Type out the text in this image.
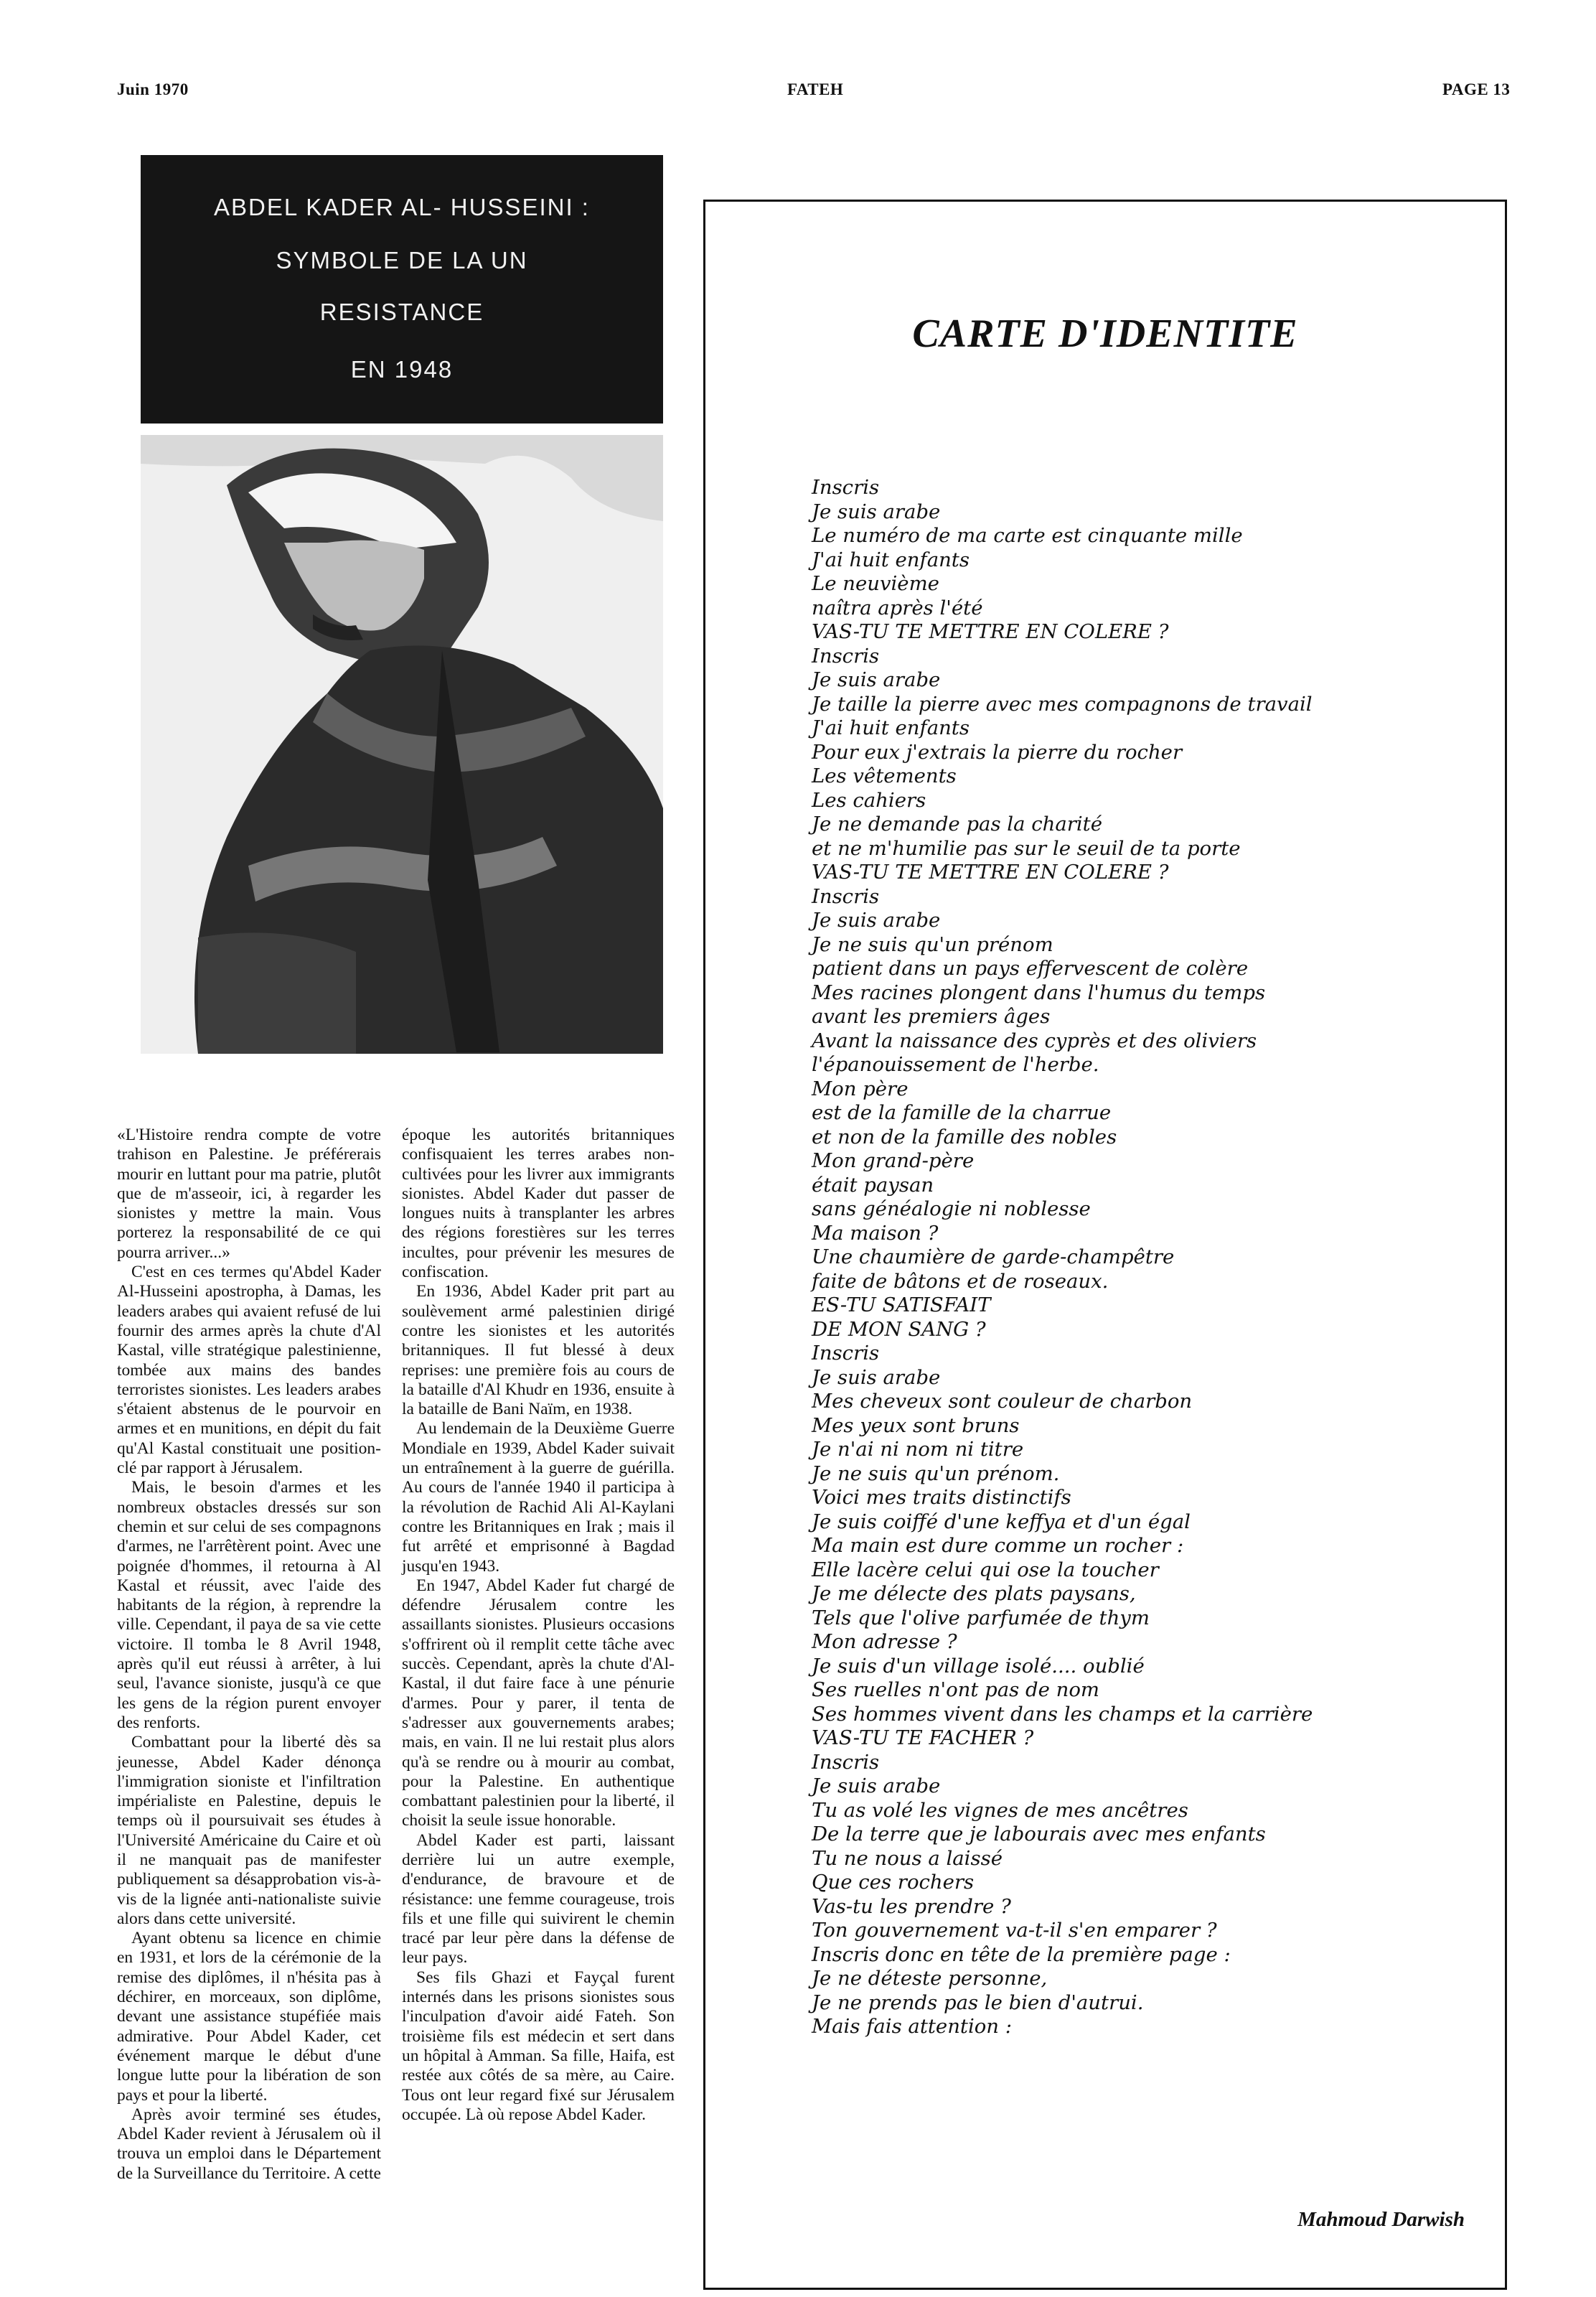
Juin 1970	FATEH	PAGE 13
ABDEL KADER AL- HUSSEINI :
SYMBOLE DE LA UN
RESISTANCE
EN 1948

«L'Histoire rendra compte de votre trahison en Palestine. Je préférerais mourir en luttant pour ma patrie, plutôt que de m'asseoir, ici, à regarder les sionistes y mettre la main. Vous porterez la responsabilité de ce qui pourra arriver...»

C'est en ces termes qu'Abdel Kader Al-Husseini apostropha, à Damas, les leaders arabes qui avaient refusé de lui fournir des armes après la chute d'Al Kastal, ville stratégique palestinienne, tombée aux mains des bandes terroristes sionistes. Les leaders arabes s'étaient abstenus de le pourvoir en armes et en munitions, en dépit du fait qu'Al Kastal constituait une position-clé par rapport à Jérusalem.

Mais, le besoin d'armes et les nombreux obstacles dressés sur son chemin et sur celui de ses compagnons d'armes, ne l'arrêtèrent point. Avec une poignée d'hommes, il retourna à Al Kastal et réussit, avec l'aide des habitants de la région, à reprendre la ville. Cependant, il paya de sa vie cette victoire. Il tomba le 8 Avril 1948, après qu'il eut réussi à arrêter, à lui seul, l'avance sioniste, jusqu'à ce que les gens de la région purent envoyer des renforts.

Combattant pour la liberté dès sa jeunesse, Abdel Kader dénonça l'immigration sioniste et l'infiltration impérialiste en Palestine, depuis le temps où il poursuivait ses études à l'Université Américaine du Caire et où il ne manquait pas de manifester publiquement sa désapprobation vis-à-vis de la lignée anti-nationaliste suivie alors dans cette université.

Ayant obtenu sa licence en chimie en 1931, et lors de la cérémonie de la remise des diplômes, il n'hésita pas à déchirer, en morceaux, son diplôme, devant une assistance stupéfiée mais admirative. Pour Abdel Kader, cet événement marque le début d'une longue lutte pour la libération de son pays et pour la liberté.

Après avoir terminé ses études, Abdel Kader revient à Jérusalem où il trouva un emploi dans le Département de la Surveillance du Territoire. A cette

époque les autorités britanniques confisquaient les terres arabes non-cultivées pour les livrer aux immigrants sionistes. Abdel Kader dut passer de longues nuits à transplanter les arbres des régions forestières sur les terres incultes, pour prévenir les mesures de confiscation.

En 1936, Abdel Kader prit part au soulèvement armé palestinien dirigé contre les sionistes et les autorités britanniques. Il fut blessé à deux reprises: une première fois au cours de la bataille d'Al Khudr en 1936, ensuite à la bataille de Bani Naïm, en 1938.

Au lendemain de la Deuxième Guerre Mondiale en 1939, Abdel Kader suivait un entraînement à la guerre de guérilla. Au cours de l'année 1940 il participa à la révolution de Rachid Ali Al-Kaylani contre les Britanniques en Irak ; mais il fut arrêté et emprisonné à Bagdad jusqu'en 1943.

En 1947, Abdel Kader fut chargé de défendre Jérusalem contre les assaillants sionistes. Plusieurs occasions s'offrirent où il remplit cette tâche avec succès. Cependant, après la chute d'Al-Kastal, il dut faire face à une pénurie d'armes. Pour y parer, il tenta de s'adresser aux gouvernements arabes; mais, en vain. Il ne lui restait plus alors qu'à se rendre ou à mourir au combat, pour la Palestine. En authentique combattant palestinien pour la liberté, il choisit la seule issue honorable.

Abdel Kader est parti, laissant derrière lui un autre exemple, d'endurance, de bravoure et de résistance: une femme courageuse, trois fils et une fille qui suivirent le chemin tracé par leur père dans la défense de leur pays.

Ses fils Ghazi et Fayçal furent internés dans les prisons sionistes sous l'inculpation d'avoir aidé Fateh. Son troisième fils est médecin et sert dans un hôpital à Amman. Sa fille, Haifa, est restée aux côtés de sa mère, au Caire. Tous ont leur regard fixé sur Jérusalem occupée. Là où repose Abdel Kader.

CARTE D'IDENTITE
Inscris
Je suis arabe
Le numéro de ma carte est cinquante mille
J'ai huit enfants
Le neuvième
naîtra après l'été
VAS-TU TE METTRE EN COLERE ?
Inscris
Je suis arabe
Je taille la pierre avec mes compagnons de travail
J'ai huit enfants
Pour eux j'extrais la pierre du rocher
Les vêtements
Les cahiers
Je ne demande pas la charité
et ne m'humilie pas sur le seuil de ta porte
VAS-TU TE METTRE EN COLERE ?
Inscris
Je suis arabe
Je ne suis qu'un prénom
patient dans un pays effervescent de colère
Mes racines plongent dans l'humus du temps
avant les premiers âges
Avant la naissance des cyprès et des oliviers
l'épanouissement de l'herbe.
Mon père
est de la famille de la charrue
et non de la famille des nobles
Mon grand-père
était paysan
sans généalogie ni noblesse
Ma maison ?
Une chaumière de garde-champêtre
faite de bâtons et de roseaux.
ES-TU SATISFAIT
DE MON SANG ?
Inscris
Je suis arabe
Mes cheveux sont couleur de charbon
Mes yeux sont bruns
Je n'ai ni nom ni titre
Je ne suis qu'un prénom.
Voici mes traits distinctifs
Je suis coiffé d'une keffya et d'un égal
Ma main est dure comme un rocher :
Elle lacère celui qui ose la toucher
Je me délecte des plats paysans,
Tels que l'olive parfumée de thym
Mon adresse ?
Je suis d'un village isolé.... oublié
Ses ruelles n'ont pas de nom
Ses hommes vivent dans les champs et la carrière
VAS-TU TE FACHER ?
Inscris
Je suis arabe
Tu as volé les vignes de mes ancêtres
De la terre que je labourais avec mes enfants
Tu ne nous a laissé
Que ces rochers
Vas-tu les prendre ?
Ton gouvernement va-t-il s'en emparer ?
Inscris donc en tête de la première page :
Je ne déteste personne,
Je ne prends pas le bien d'autrui.
Mais fais attention :
Mahmoud Darwish
